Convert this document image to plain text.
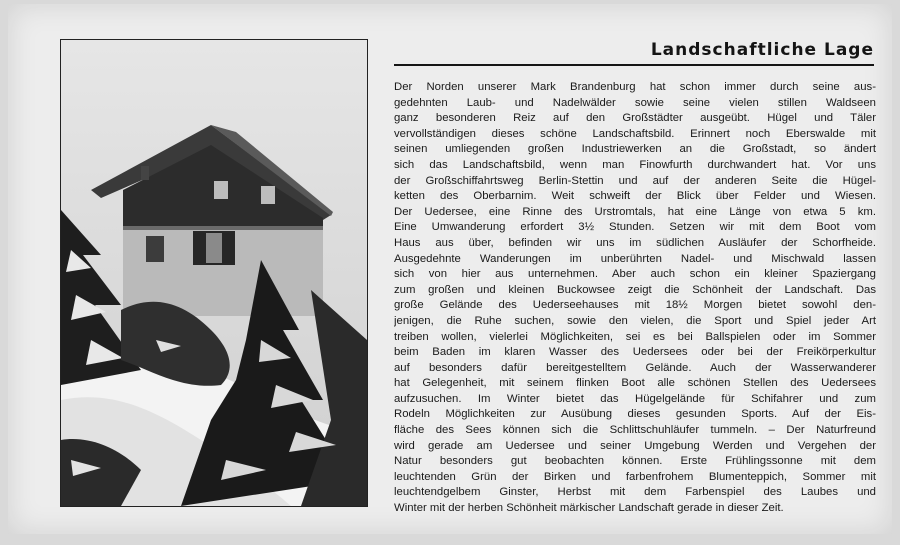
Landschaftliche Lage
Der Norden unserer Mark Brandenburg hat schon immer durch seine aus-
gedehnten Laub- und Nadelwälder sowie seine vielen stillen Waldseen
ganz besonderen Reiz auf den Großstädter ausgeübt. Hügel und Täler
vervollständigen dieses schöne Landschaftsbild. Erinnert noch Eberswalde mit
seinen umliegenden großen Industriewerken an die Großstadt, so ändert
sich das Landschaftsbild, wenn man Finowfurth durchwandert hat. Vor uns
der Großschiffahrtsweg Berlin-Stettin und auf der anderen Seite die Hügel-
ketten des Oberbarnim. Weit schweift der Blick über Felder und Wiesen.
Der Uedersee, eine Rinne des Urstromtals, hat eine Länge von etwa 5 km.
Eine Umwanderung erfordert 3½ Stunden. Setzen wir mit dem Boot vom
Haus aus über, befinden wir uns im südlichen Ausläufer der Schorfheide.
Ausgedehnte Wanderungen im unberührten Nadel- und Mischwald lassen
sich von hier aus unternehmen. Aber auch schon ein kleiner Spaziergang
zum großen und kleinen Buckowsee zeigt die Schönheit der Landschaft. Das
große Gelände des Uederseehauses mit 18½ Morgen bietet sowohl den-
jenigen, die Ruhe suchen, sowie den vielen, die Sport und Spiel jeder Art
treiben wollen, vielerlei Möglichkeiten, sei es bei Ballspielen oder im Sommer
beim Baden im klaren Wasser des Uedersees oder bei der Freikörperkultur
auf besonders dafür bereitgestelltem Gelände. Auch der Wasserwanderer
hat Gelegenheit, mit seinem flinken Boot alle schönen Stellen des Uedersees
aufzusuchen. Im Winter bietet das Hügelgelände für Schifahrer und zum
Rodeln Möglichkeiten zur Ausübung dieses gesunden Sports. Auf der Eis-
fläche des Sees können sich die Schlittschuhläufer tummeln. – Der Naturfreund
wird gerade am Uedersee und seiner Umgebung Werden und Vergehen der
Natur besonders gut beobachten können. Erste Frühlingssonne mit dem
leuchtenden Grün der Birken und farbenfrohem Blumenteppich, Sommer mit
leuchtendgelbem Ginster, Herbst mit dem Farbenspiel des Laubes und
Winter mit der herben Schönheit märkischer Landschaft gerade in dieser Zeit.
